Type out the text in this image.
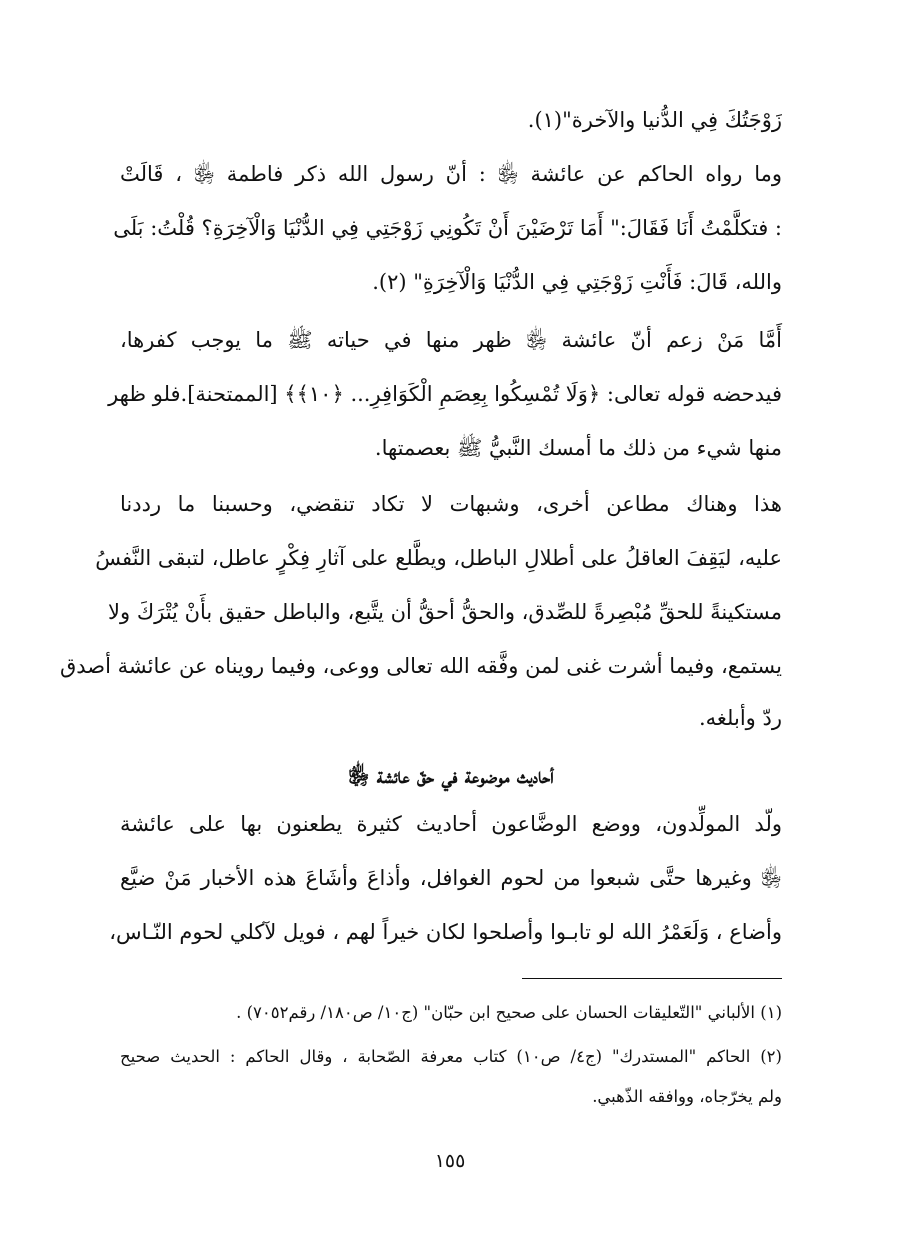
زَوْجَتُكَ فِي الدُّنيا والآخرة"(١).
وما رواه الحاكم عن عائشة ﵂ : أنّ رسول الله ذكر فاطمة ﵂ ، قَالَتْ
: فتكلَّمْتُ أَنَا فَقَالَ:" أَمَا تَرْضَيْنَ أَنْ تَكُونِي زَوْجَتِي فِي الدُّنْيَا وَالْآخِرَةِ؟ قُلْتُ: بَلَى
والله، قَالَ: فَأَنْتِ زَوْجَتِي فِي الدُّنْيَا وَالْآخِرَةِ" (٢).
أَمَّا مَنْ زعم أنّ عائشة ﵂ ظهر منها في حياته ﷺ ما يوجب كفرها،
فيدحضه قوله تعالى: ﴿وَلَا تُمْسِكُوا بِعِصَمِ الْكَوَافِرِ... ﴿١٠﴾﴾ [الممتحنة].فلو ظهر
منها شيء من ذلك ما أمسك النَّبيُّ ﷺ بعصمتها.
هذا وهناك مطاعن أخرى، وشبهات لا تكاد تنقضي، وحسبنا ما رددنا
عليه، ليَقِفَ العاقلُ على أطلالِ الباطل، ويطَّلع على آثارِ فِكْرٍ عاطل، لتبقى النَّفسُ
مستكينةً للحقِّ مُبْصِرةً للصِّدق، والحقُّ أحقُّ أن يتَّبع، والباطل حقيق بأَنْ يُتْرَكَ ولا
يستمع، وفيما أشرت غنى لمن وفَّقه الله تعالى ووعى، وفيما رويناه عن عائشة أصدق
ردّ وأبلغه.
أحاديث موضوعة في حقّ عائشة ﵂
ولّد المولِّدون، ووضع الوضَّاعون أحاديث كثيرة يطعنون بها على عائشة
﵂ وغيرها حتَّى شبعوا من لحوم الغوافل، وأذاعَ وأشَاعَ هذه الأخبار مَنْ ضيَّع
وأضاع ، وَلَعَمْرُ الله لو تابـوا وأصلحوا لكان خيراً لهم ، فويل لآكلي لحوم النّـاس،
(١) الألباني "التّعليقات الحسان على صحيح ابن حبّان" (ج١٠/ ص١٨٠/ رقم٧٠٥٢) .
(٢) الحاكم "المستدرك" (ج٤/ ص١٠) كتاب معرفة الصّحابة ، وقال الحاكم : الحديث صحيح
ولم يخرّجاه، ووافقه الذّهبي.
١٥٥
